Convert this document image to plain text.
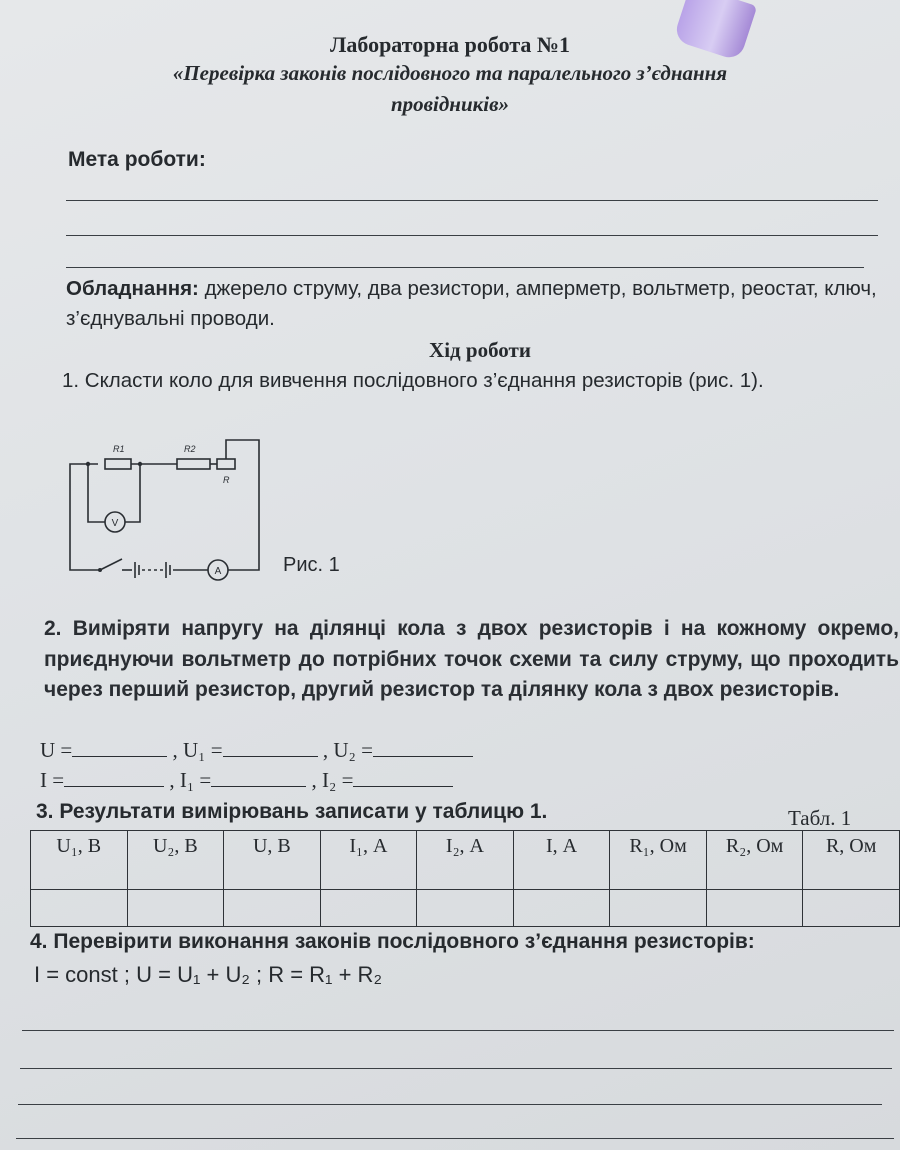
Лабораторна робота №1
«Перевірка законів послідовного та паралельного з’єднання
провідників»
Мета роботи:
Обладнання: джерело струму, два резистори, амперметр, вольтметр, реостат, ключ, з’єднувальні проводи.
Хід роботи
1. Скласти коло для вивчення послідовного з’єднання резисторів (рис. 1).
R1	R2
R
V
A	Рис. 1
2. Виміряти напругу на ділянці кола з двох резисторів і на кожному окремо, приєднуючи вольтметр до потрібних точок схеми та силу струму, що проходить через перший резистор, другий резистор та ділянку кола з двох резисторів.
U =	, U₁ =	, U₂ =
I =	, I₁ =	, I₂ =
3. Результати вимірювань записати у таблицю 1.	Табл. 1
U₁, В	U₂, В	U, В	I₁, А	I₂, А	I, А	R₁, Ом	R₂, Ом	R, Ом

4. Перевірити виконання законів послідовного з’єднання резисторів:
I = const ; U = U₁ + U₂ ; R = R₁ + R₂
